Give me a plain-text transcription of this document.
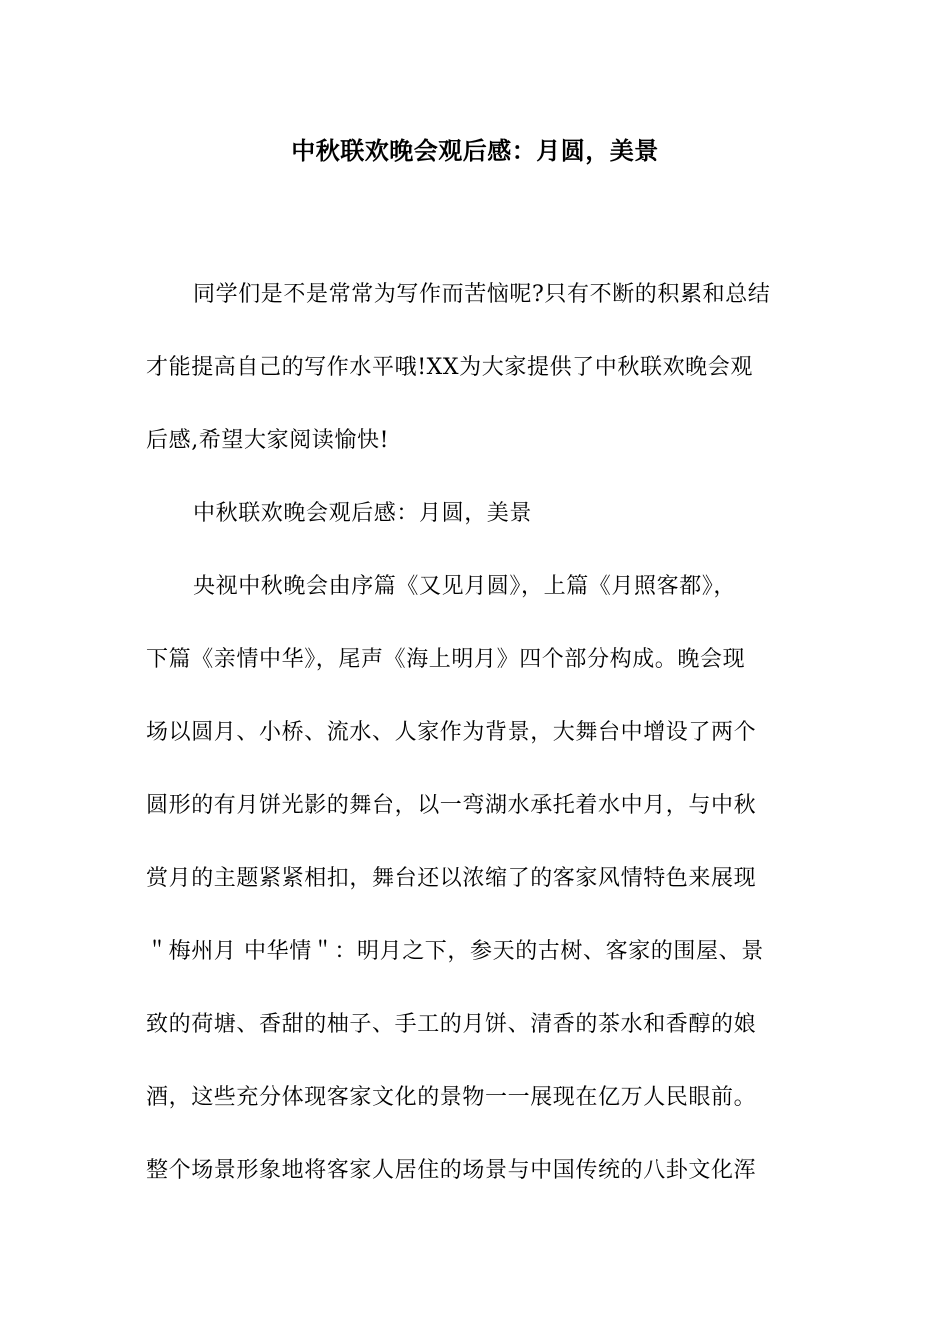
中秋联欢晚会观后感：月圆，美景
同学们是不是常常为写作而苦恼呢?只有不断的积累和总结
才能提高自己的写作水平哦!XX为大家提供了中秋联欢晚会观
后感,希望大家阅读愉快!
中秋联欢晚会观后感：月圆，美景
央视中秋晚会由序篇《又见月圆》，上篇《月照客都》，
下篇《亲情中华》，尾声《海上明月》四个部分构成。晚会现
场以圆月、小桥、流水、人家作为背景，大舞台中增设了两个
圆形的有月饼光影的舞台，以一弯湖水承托着水中月，与中秋
赏月的主题紧紧相扣，舞台还以浓缩了的客家风情特色来展现
＂梅州月 中华情＂：明月之下，参天的古树、客家的围屋、景
致的荷塘、香甜的柚子、手工的月饼、清香的茶水和香醇的娘
酒，这些充分体现客家文化的景物一一展现在亿万人民眼前。
整个场景形象地将客家人居住的场景与中国传统的八卦文化浑
